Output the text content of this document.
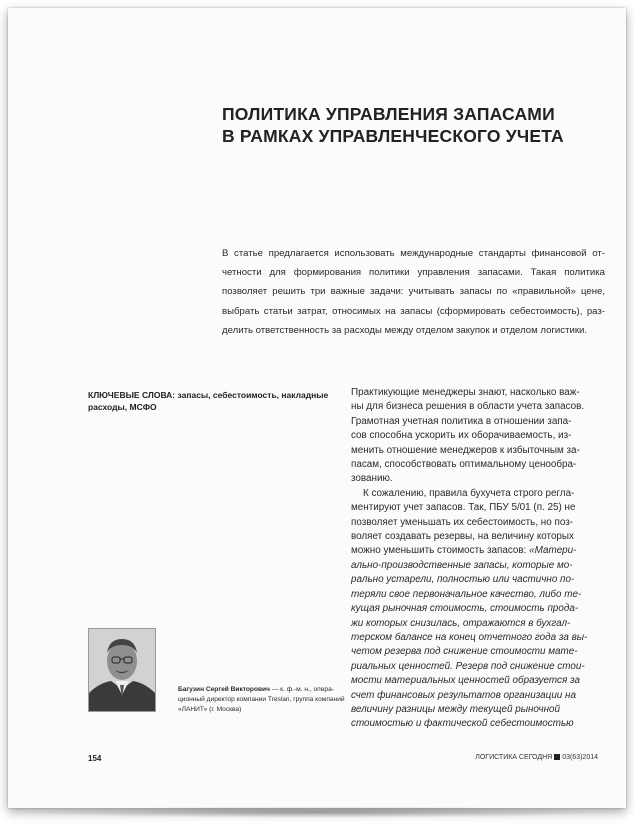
ПОЛИТИКА УПРАВЛЕНИЯ ЗАПАСАМИ
В РАМКАХ УПРАВЛЕНЧЕСКОГО УЧЕТА
В статье предлагается использовать международные стандарты финансовой от-
четности для формирования политики управления запасами. Такая политика
позволяет решить три важные задачи: учитывать запасы по «правильной» цене,
выбрать статьи затрат, относимых на запасы (сформировать себестоимость), раз-
делить ответственность за расходы между отделом закупок и отделом логистики.
КЛЮЧЕВЫЕ СЛОВА: запасы, себестоимость, накладные
расходы, МСФО
Практикующие менеджеры знают, насколько важ-
ны для бизнеса решения в области учета запасов.
Грамотная учетная политика в отношении запа-
сов способна ускорить их оборачиваемость, из-
менить отношение менеджеров к избыточным за-
пасам, способствовать оптимальному ценообра-
зованию.
К сожалению, правила бухучета строго регла-
ментируют учет запасов. Так, ПБУ 5/01 (п. 25) не
позволяет уменьшать их себестоимость, но поз-
воляет создавать резервы, на величину которых
можно уменьшить стоимость запасов: «Матери-
ально-производственные запасы, которые мо-
рально устарели, полностью или частично по-
теряли свое первоначальное качество, либо те-
кущая рыночная стоимость, стоимость прода-
жи которых снизилась, отражаются в бухгал-
терском балансе на конец отчетного года за вы-
четом резерва под снижение стоимости мате-
риальных ценностей. Резерв под снижение стои-
мости материальных ценностей образуется за
счет финансовых результатов организации на
величину разницы между текущей рыночной
стоимостью и фактической себестоимостью
Багузин Сергей Викторович — к. ф.-м. н., опера-
ционный директор компании Treslan, группа компаний
«ЛАНИТ» (г. Москва)
154	ЛОГИСТИКА СЕГОДНЯ 03(63)2014
